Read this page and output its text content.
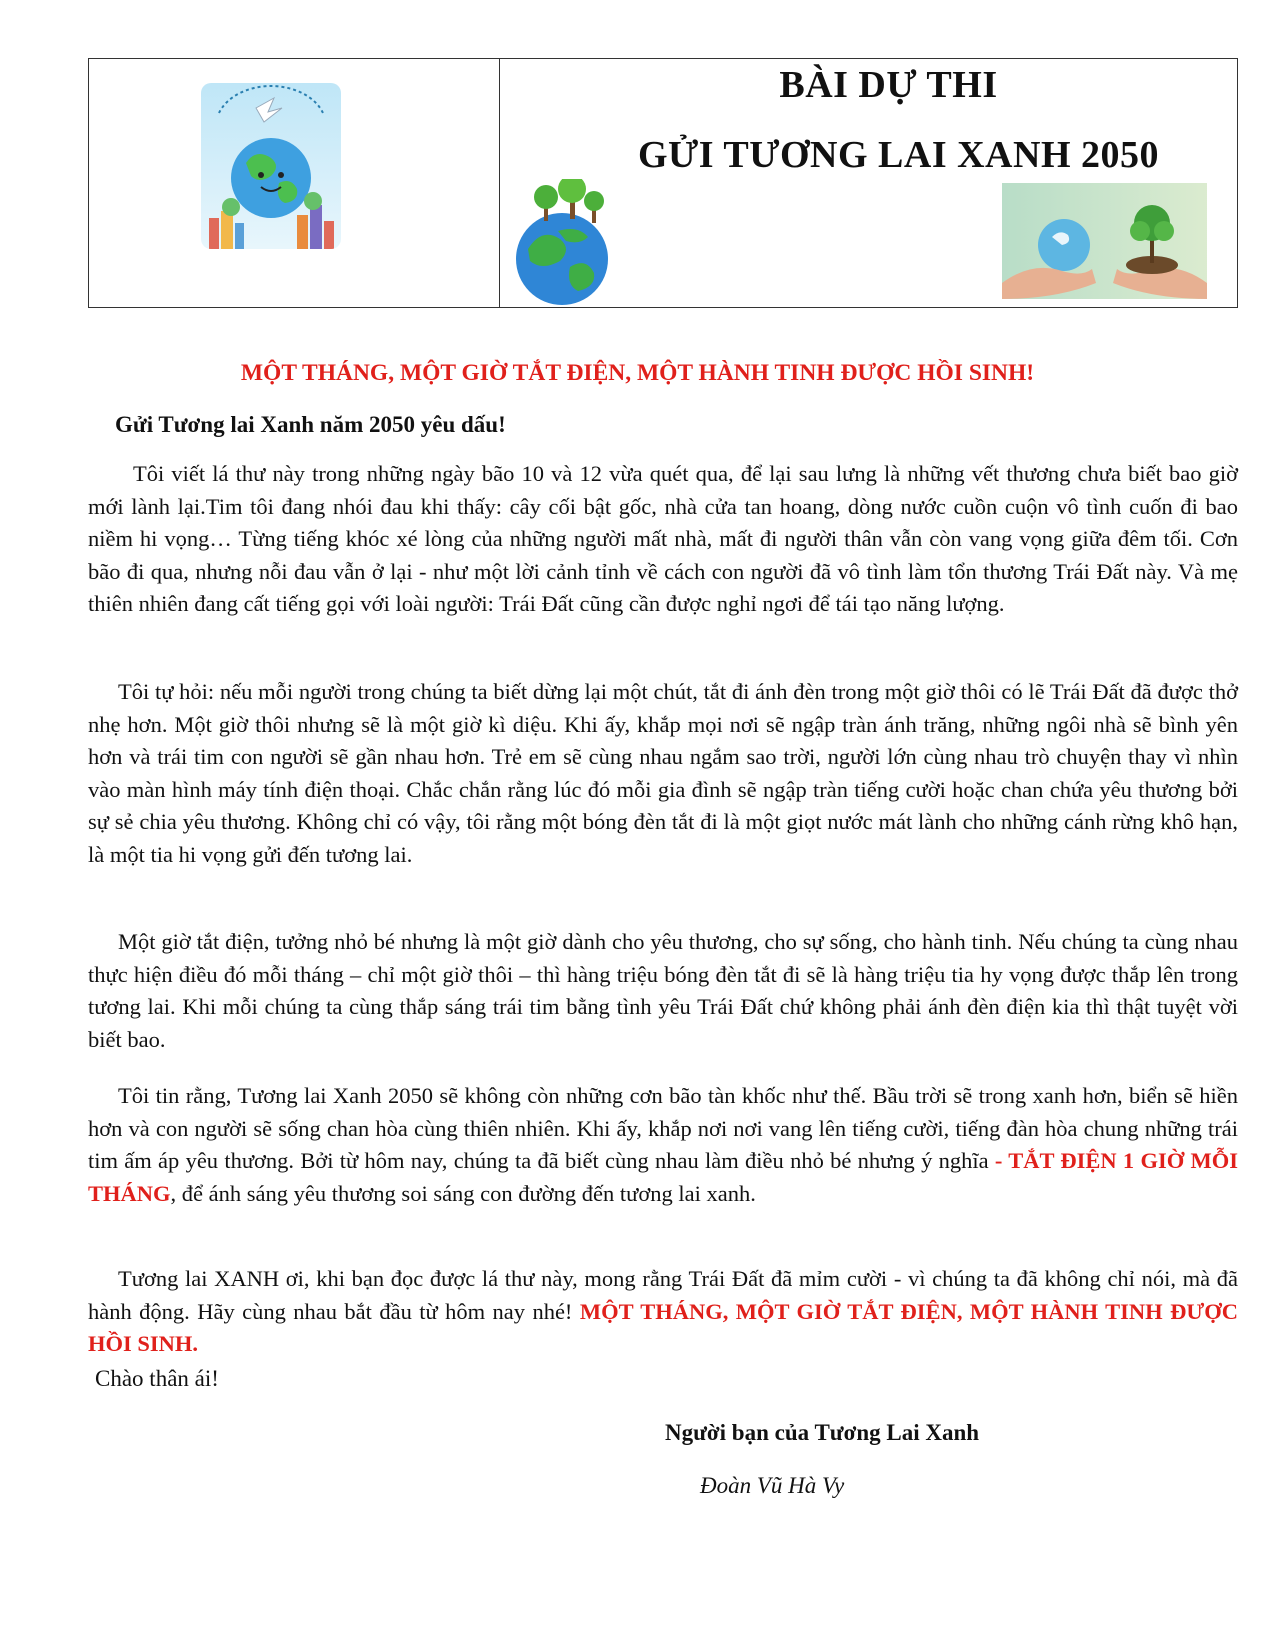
BÀI DỰ THI
GỬI TƯƠNG LAI XANH 2050
MỘT THÁNG, MỘT GIỜ TẮT ĐIỆN, MỘT HÀNH TINH ĐƯỢC HỒI SINH!
Gửi Tương lai Xanh năm 2050 yêu dấu!

Tôi viết lá thư này trong những ngày bão 10 và 12 vừa quét qua, để lại sau lưng là những vết thương chưa biết bao giờ mới lành lại.Tim tôi đang nhói đau khi thấy: cây cối bật gốc, nhà cửa tan hoang, dòng nước cuồn cuộn vô tình cuốn đi bao niềm hi vọng… Từng tiếng khóc xé lòng của những người mất nhà, mất đi người thân vẫn còn vang vọng giữa đêm tối. Cơn bão đi qua, nhưng nỗi đau vẫn ở lại - như một lời cảnh tỉnh về cách con người đã vô tình làm tổn thương Trái Đất này. Và mẹ thiên nhiên đang cất tiếng gọi với loài người: Trái Đất cũng cần được nghỉ ngơi để tái tạo năng lượng.

Tôi tự hỏi: nếu mỗi người trong chúng ta biết dừng lại một chút, tắt đi ánh đèn trong một giờ thôi có lẽ Trái Đất đã được thở nhẹ hơn. Một giờ thôi nhưng sẽ là một giờ kì diệu. Khi ấy, khắp mọi nơi sẽ ngập tràn ánh trăng, những ngôi nhà sẽ bình yên hơn và trái tim con người sẽ gần nhau hơn. Trẻ em sẽ cùng nhau ngắm sao trời, người lớn cùng nhau trò chuyện thay vì nhìn vào màn hình máy tính điện thoại. Chắc chắn rằng lúc đó mỗi gia đình sẽ ngập tràn tiếng cười hoặc chan chứa yêu thương bởi sự sẻ chia yêu thương. Không chỉ có vậy, tôi rằng một bóng đèn tắt đi là một giọt nước mát lành cho những cánh rừng khô hạn, là một tia hi vọng gửi đến tương lai.

Một giờ tắt điện, tưởng nhỏ bé nhưng là một giờ dành cho yêu thương, cho sự sống, cho hành tinh. Nếu chúng ta cùng nhau thực hiện điều đó mỗi tháng – chỉ một giờ thôi – thì hàng triệu bóng đèn tắt đi sẽ là hàng triệu tia hy vọng được thắp lên trong tương lai. Khi mỗi chúng ta cùng thắp sáng trái tim bằng tình yêu Trái Đất chứ không phải ánh đèn điện kia thì thật tuyệt vời biết bao.

Tôi tin rằng, Tương lai Xanh 2050 sẽ không còn những cơn bão tàn khốc như thế. Bầu trời sẽ trong xanh hơn, biển sẽ hiền hơn và con người sẽ sống chan hòa cùng thiên nhiên. Khi ấy, khắp nơi nơi vang lên tiếng cười, tiếng đàn hòa chung những trái tim ấm áp yêu thương. Bởi từ hôm nay, chúng ta đã biết cùng nhau làm điều nhỏ bé nhưng ý nghĩa - TẮT ĐIỆN 1 GIỜ MỖI THÁNG, để ánh sáng yêu thương soi sáng con đường đến tương lai xanh.

Tương lai XANH ơi, khi bạn đọc được lá thư này, mong rằng Trái Đất đã mỉm cười - vì chúng ta đã không chỉ nói, mà đã hành động. Hãy cùng nhau bắt đầu từ hôm nay nhé! MỘT THÁNG, MỘT GIỜ TẮT ĐIỆN, MỘT HÀNH TINH ĐƯỢC HỒI SINH.

Chào thân ái!
Người bạn của Tương Lai Xanh
Đoàn Vũ Hà Vy
